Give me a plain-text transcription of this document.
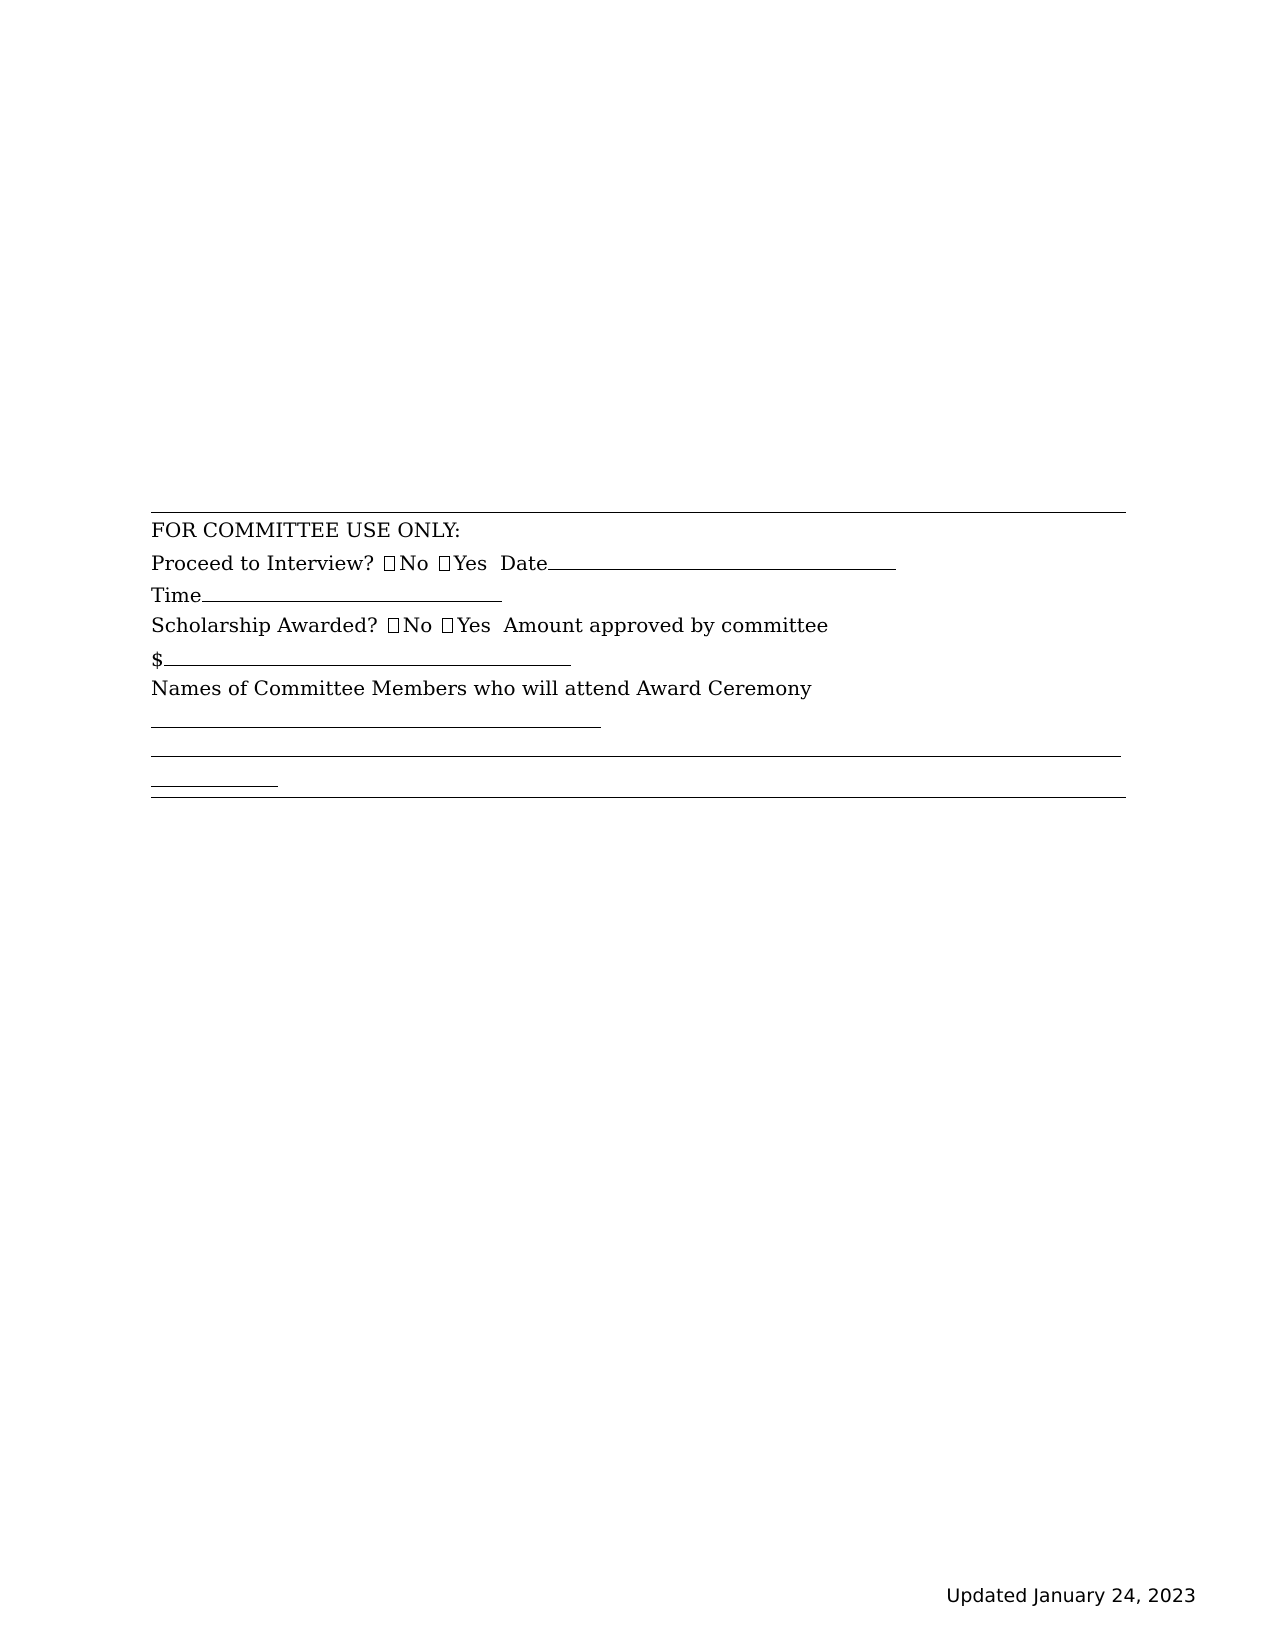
FOR COMMITTEE USE ONLY:
Proceed to Interview? No Yes Date
Time
Scholarship Awarded? No Yes Amount approved by committee
$
Names of Committee Members who will attend Award Ceremony
Updated January 24, 2023
